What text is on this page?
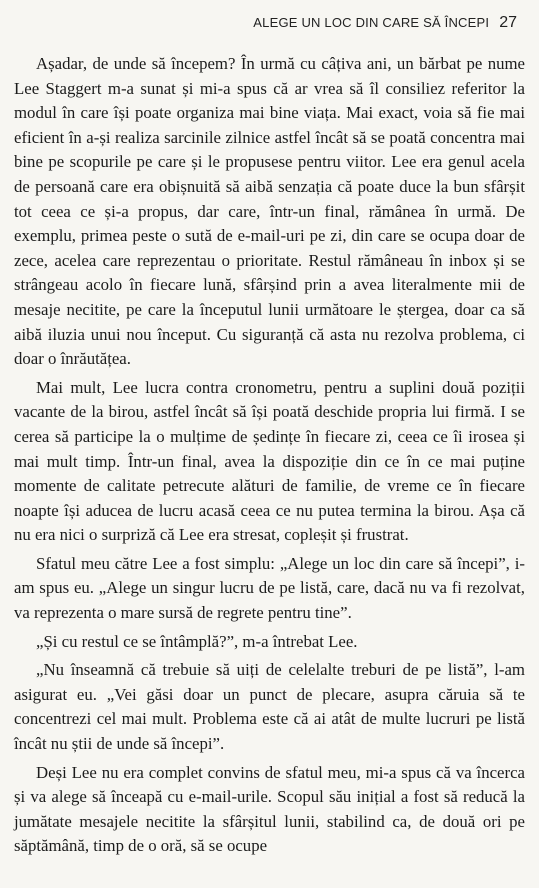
ALEGE UN LOC DIN CARE SĂ ÎNCEPI 27

Așadar, de unde să începem? În urmă cu câțiva ani, un bărbat pe nume Lee Staggert m-a sunat și mi-a spus că ar vrea să îl consiliez referitor la modul în care își poate organiza mai bine viața. Mai exact, voia să fie mai eficient în a-și realiza sarcinile zilnice astfel încât să se poată concentra mai bine pe scopurile pe care și le propusese pentru viitor. Lee era genul acela de persoană care era obișnuită să aibă senzația că poate duce la bun sfârșit tot ceea ce și-a propus, dar care, într-un final, rămânea în urmă. De exemplu, primea peste o sută de e-mail-uri pe zi, din care se ocupa doar de zece, acelea care reprezentau o prioritate. Restul rămâneau în inbox și se strângeau acolo în fiecare lună, sfârșind prin a avea literalmente mii de mesaje necitite, pe care la începutul lunii următoare le ștergea, doar ca să aibă iluzia unui nou început. Cu siguranță că asta nu rezolva problema, ci doar o înrăutățea.

Mai mult, Lee lucra contra cronometru, pentru a suplini două poziții vacante de la birou, astfel încât să își poată deschide propria lui firmă. I se cerea să participe la o mulțime de ședințe în fiecare zi, ceea ce îi irosea și mai mult timp. Într-un final, avea la dispoziție din ce în ce mai puține momente de calitate petrecute alături de familie, de vreme ce în fiecare noapte își aducea de lucru acasă ceea ce nu putea termina la birou. Așa că nu era nici o surpriză că Lee era stresat, copleșit și frustrat.

Sfatul meu către Lee a fost simplu: „Alege un loc din care să începi”, i-am spus eu. „Alege un singur lucru de pe listă, care, dacă nu va fi rezolvat, va reprezenta o mare sursă de regrete pentru tine”.

„Și cu restul ce se întâmplă?”, m-a întrebat Lee.

„Nu înseamnă că trebuie să uiți de celelalte treburi de pe listă”, l-am asigurat eu. „Vei găsi doar un punct de plecare, asupra căruia să te concentrezi cel mai mult. Problema este că ai atât de multe lucruri pe listă încât nu știi de unde să începi”.

Deși Lee nu era complet convins de sfatul meu, mi-a spus că va încerca și va alege să înceapă cu e-mail-urile. Scopul său inițial a fost să reducă la jumătate mesajele necitite la sfârșitul lunii, stabilind ca, de două ori pe săptămână, timp de o oră, să se ocupe
